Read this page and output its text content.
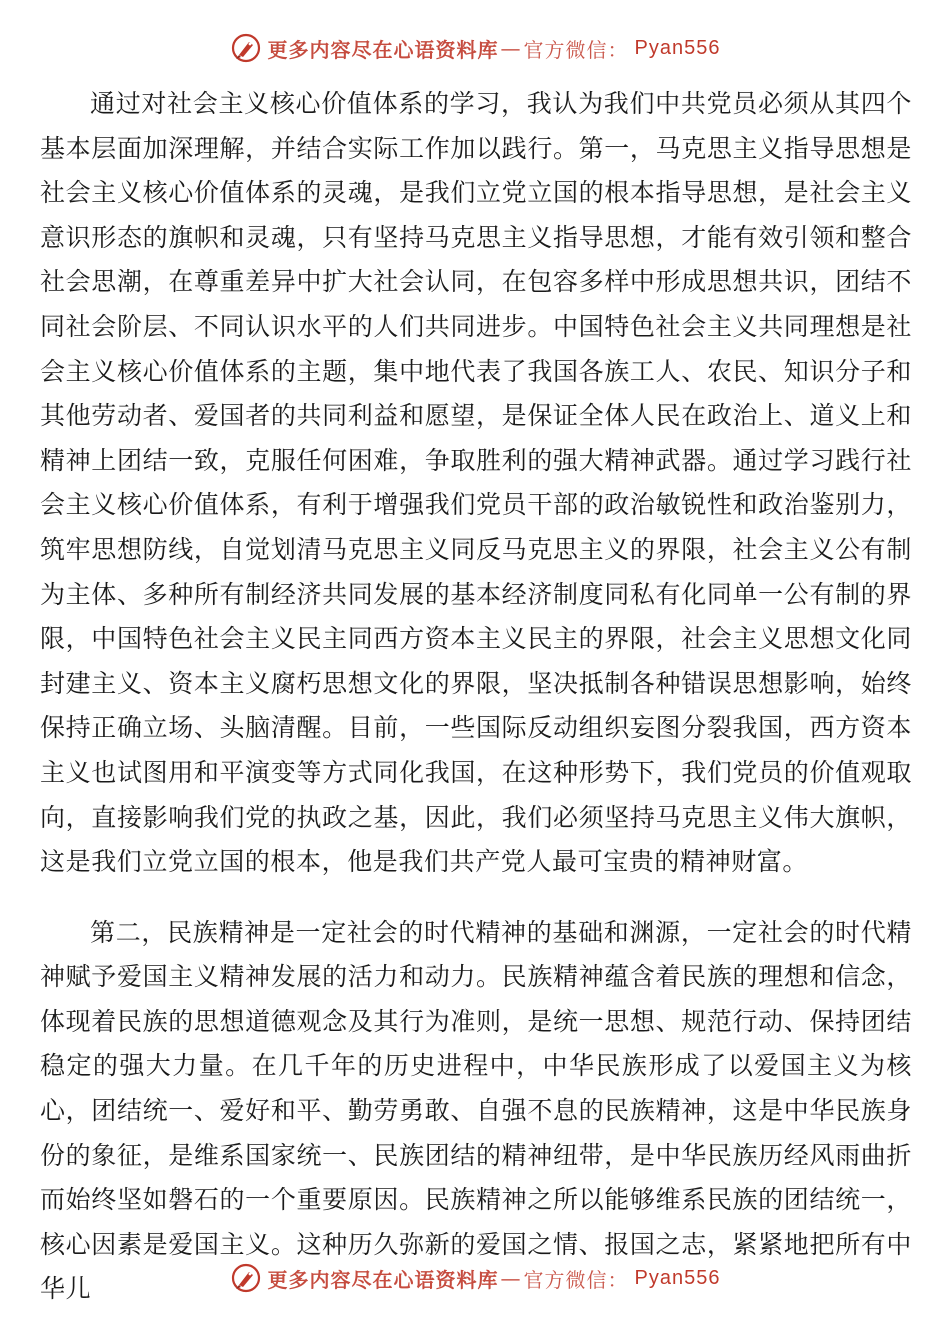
更多内容尽在心语资料库 — 官方微信： Pyan556

通过对社会主义核心价值体系的学习，我认为我们中共党员必须从其四个基本层面加深理解，并结合实际工作加以践行。第一，马克思主义指导思想是社会主义核心价值体系的灵魂，是我们立党立国的根本指导思想，是社会主义意识形态的旗帜和灵魂，只有坚持马克思主义指导思想，才能有效引领和整合社会思潮，在尊重差异中扩大社会认同，在包容多样中形成思想共识，团结不同社会阶层、不同认识水平的人们共同进步。中国特色社会主义共同理想是社会主义核心价值体系的主题，集中地代表了我国各族工人、农民、知识分子和其他劳动者、爱国者的共同利益和愿望，是保证全体人民在政治上、道义上和精神上团结一致，克服任何困难，争取胜利的强大精神武器。通过学习践行社会主义核心价值体系，有利于增强我们党员干部的政治敏锐性和政治鉴别力，筑牢思想防线，自觉划清马克思主义同反马克思主义的界限，社会主义公有制为主体、多种所有制经济共同发展的基本经济制度同私有化同单一公有制的界限，中国特色社会主义民主同西方资本主义民主的界限，社会主义思想文化同封建主义、资本主义腐朽思想文化的界限，坚决抵制各种错误思想影响，始终保持正确立场、头脑清醒。目前，一些国际反动组织妄图分裂我国，西方资本主义也试图用和平演变等方式同化我国，在这种形势下，我们党员的价值观取向，直接影响我们党的执政之基，因此，我们必须坚持马克思主义伟大旗帜，这是我们立党立国的根本，他是我们共产党人最可宝贵的精神财富。

第二，民族精神是一定社会的时代精神的基础和渊源，一定社会的时代精神赋予爱国主义精神发展的活力和动力。民族精神蕴含着民族的理想和信念，体现着民族的思想道德观念及其行为准则，是统一思想、规范行动、保持团结稳定的强大力量。在几千年的历史进程中，中华民族形成了以爱国主义为核心，团结统一、爱好和平、勤劳勇敢、自强不息的民族精神，这是中华民族身份的象征，是维系国家统一、民族团结的精神纽带，是中华民族历经风雨曲折而始终坚如磐石的一个重要原因。民族精神之所以能够维系民族的团结统一，核心因素是爱国主义。这种历久弥新的爱国之情、报国之志，紧紧地把所有中华儿	更多内容尽在心语资料库 — 官方微信： Pyan556
